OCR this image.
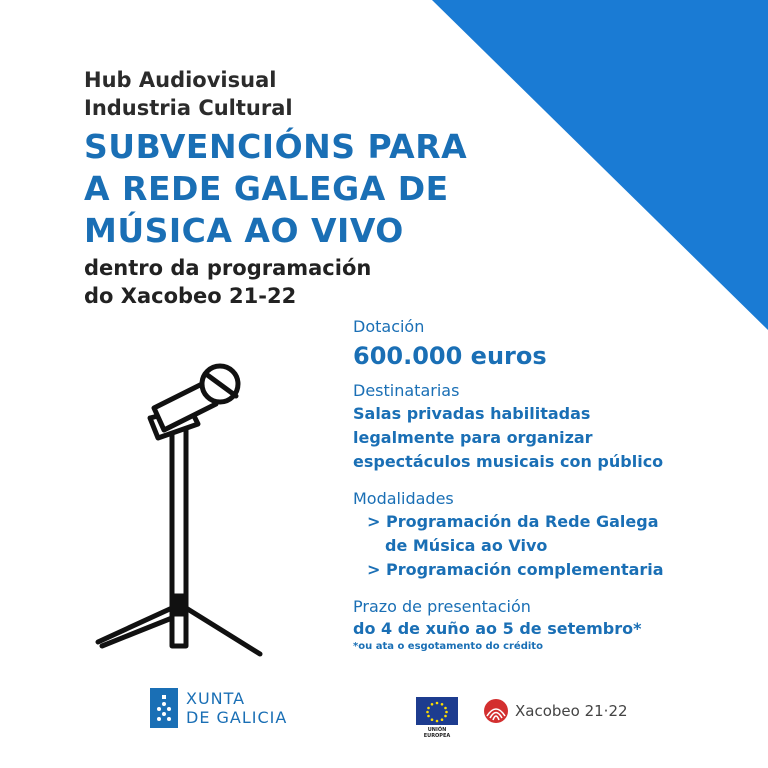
Hub Audiovisual
Industria Cultural
SUBVENCIÓNS PARA
A REDE GALEGA DE
MÚSICA AO VIVO
dentro da programación
do Xacobeo 21-22
Dotación
600.000 euros
Destinatarias
Salas privadas habilitadas
legalmente para organizar
espectáculos musicais con público
Modalidades
> Programación da Rede Galega
de Música ao Vivo
> Programación complementaria
Prazo de presentación
do 4 de xuño ao 5 de setembro*
*ou ata o esgotamento do crédito
XUNTA
DE GALICIA
UNIÓN EUROPEA
Xacobeo 21·22
